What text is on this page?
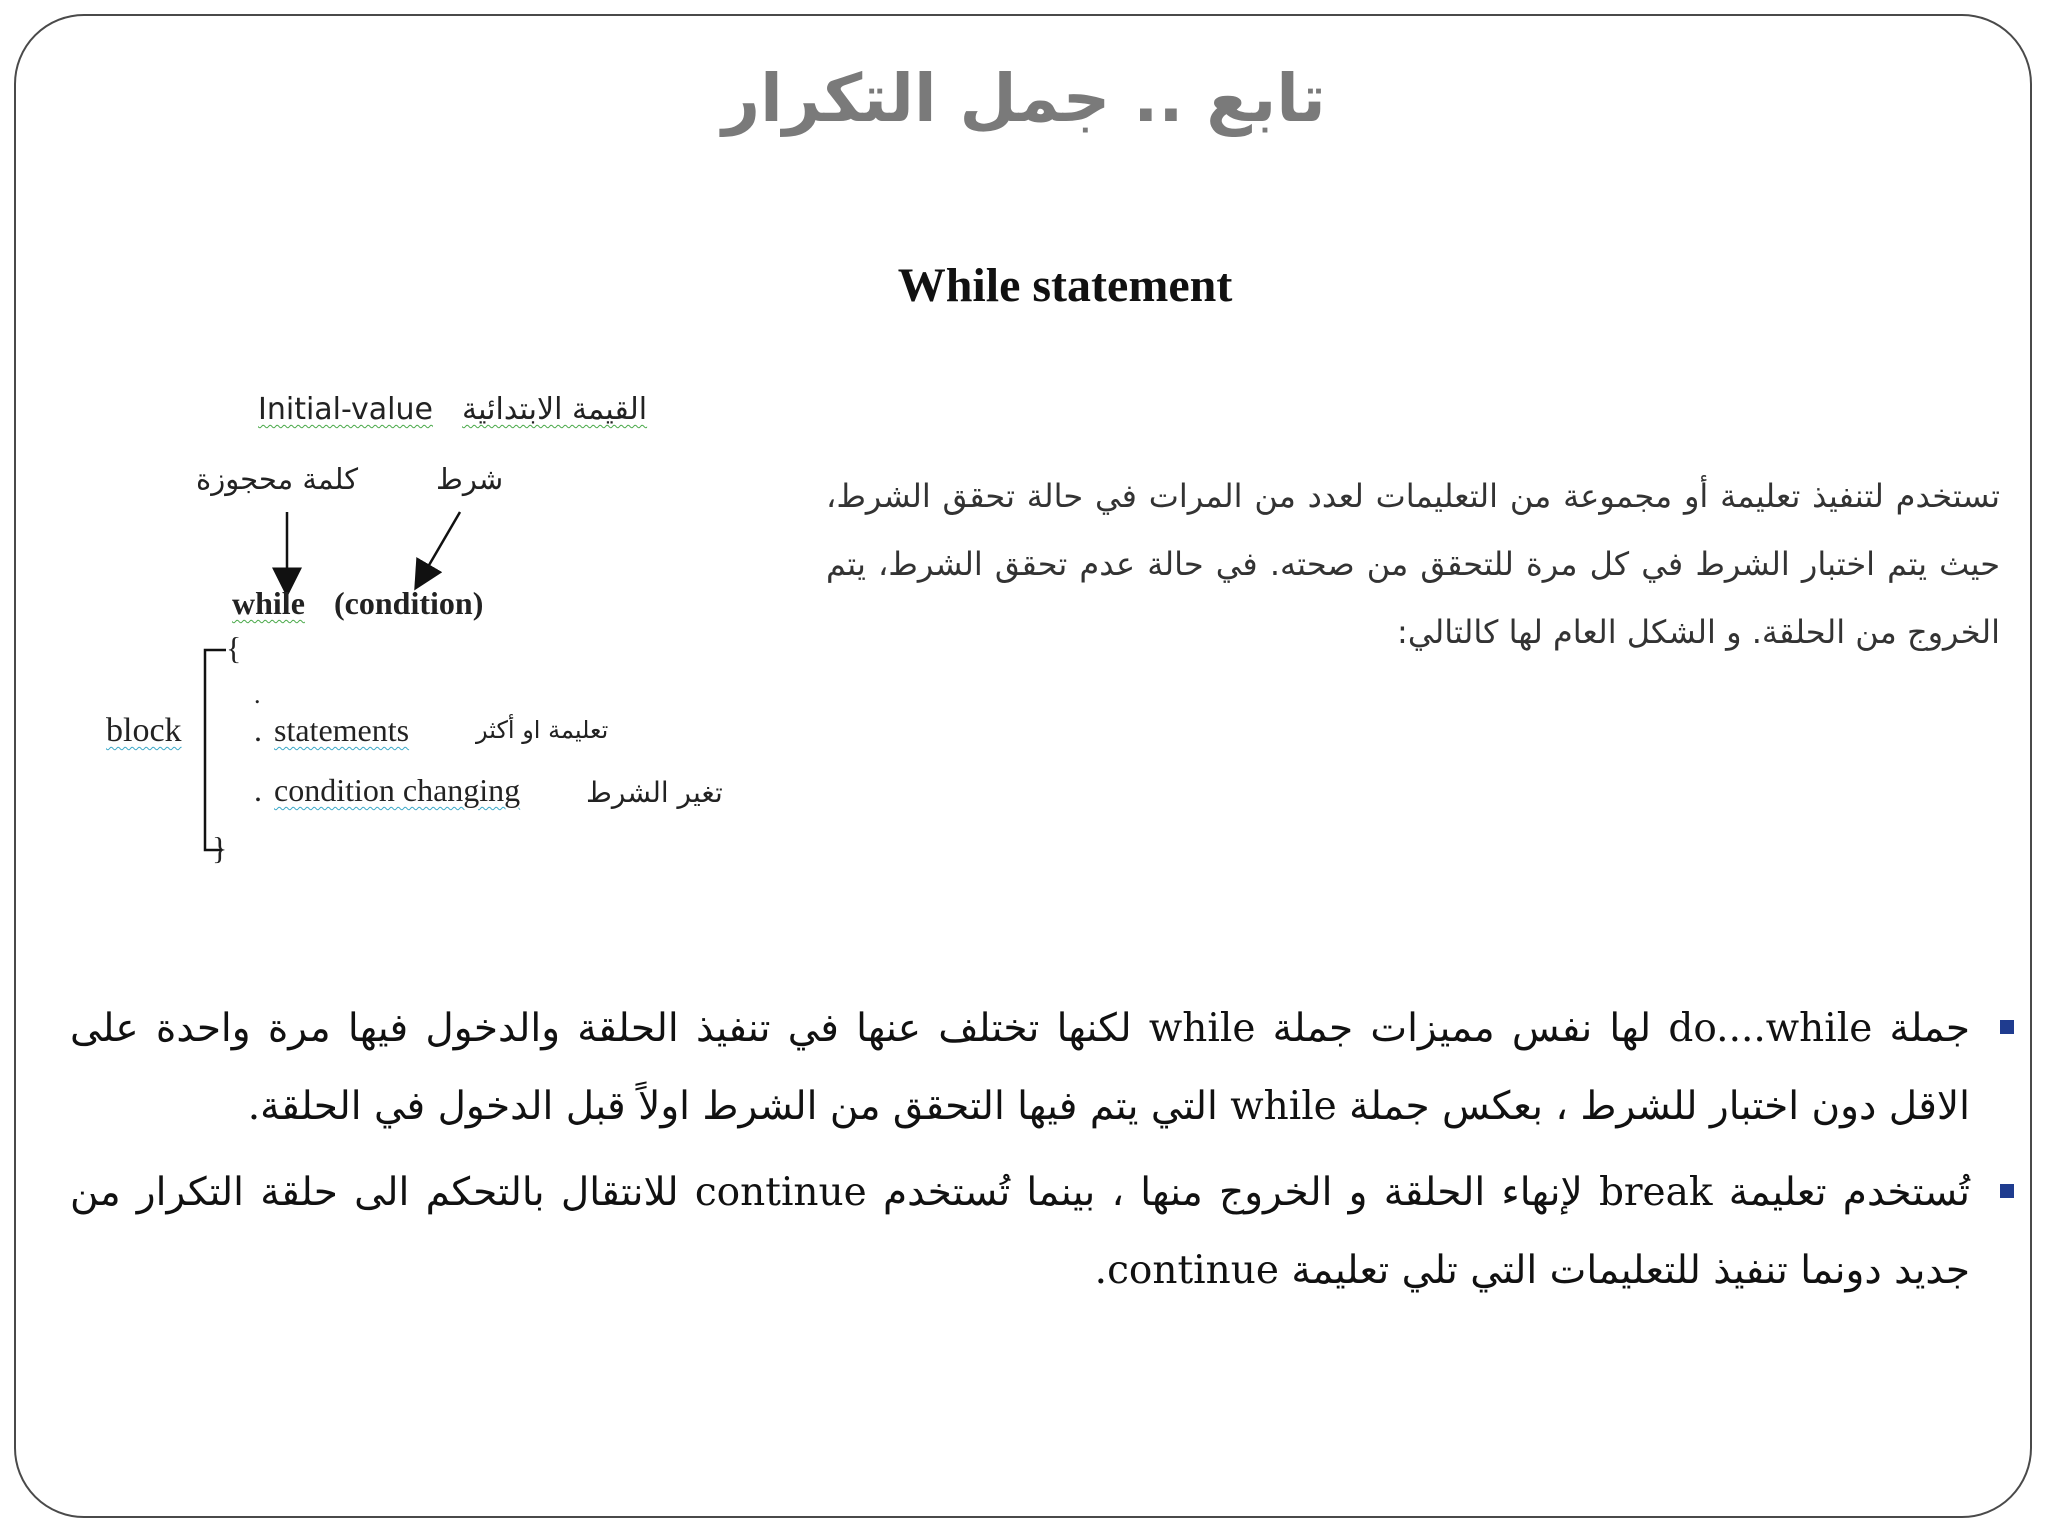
تابع .. جمل التكرار
While statement

تستخدم لتنفيذ تعليمة أو مجموعة من التعليمات لعدد من المرات في حالة تحقق الشرط، حيث يتم اختبار الشرط في كل مرة للتحقق من صحته. في حالة عدم تحقق الشرط، يتم الخروج من الحلقة. و الشكل العام لها كالتالي:

Initial-value القيمة الابتدائية
كلمة محجوزة	شرط
while (condition)
{
.
block . statements	تعليمة او أكثر
. condition changing تغير الشرط
}
جملة do....while لها نفس مميزات جملة while لكنها تختلف عنها في تنفيذ الحلقة والدخول فيها مرة واحدة على الاقل دون اختبار للشرط ، بعكس جملة while التي يتم فيها التحقق من الشرط اولاً قبل الدخول في الحلقة.
تُستخدم تعليمة break لإنهاء الحلقة و الخروج منها ، بينما تُستخدم continue للانتقال بالتحكم الى حلقة التكرار من جديد دونما تنفيذ للتعليمات التي تلي تعليمة continue.
